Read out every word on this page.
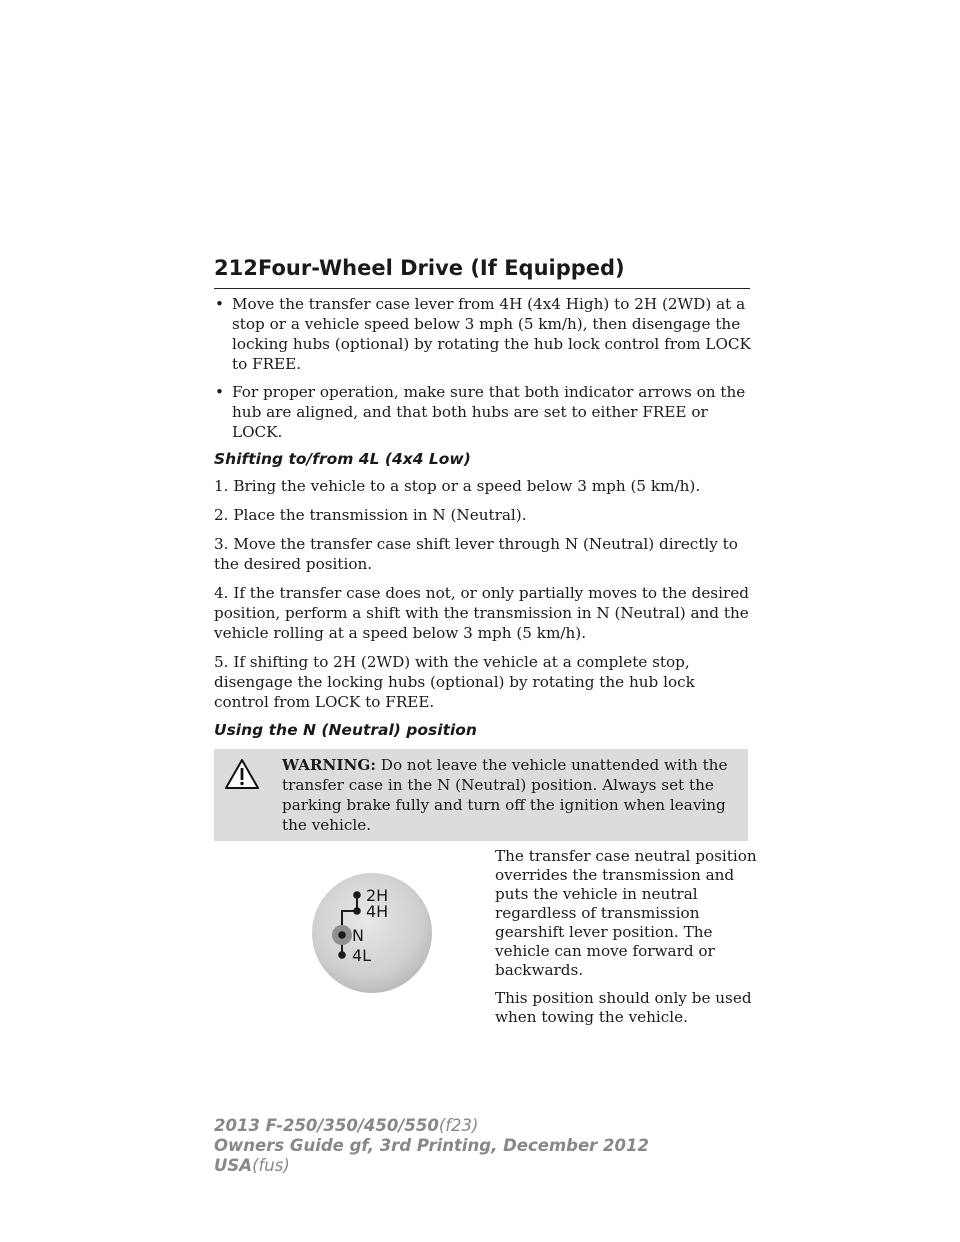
212 Four-Wheel Drive (If Equipped)
• Move the transfer case lever from 4H (4x4 High) to 2H (2WD) at a stop or a vehicle speed below 3 mph (5 km/h), then disengage the locking hubs (optional) by rotating the hub lock control from LOCK to FREE.
• For proper operation, make sure that both indicator arrows on the hub are aligned, and that both hubs are set to either FREE or LOCK.
Shifting to/from 4L (4x4 Low)

1. Bring the vehicle to a stop or a speed below 3 mph (5 km/h).

2. Place the transmission in N (Neutral).

3. Move the transfer case shift lever through N (Neutral) directly to the desired position.

4. If the transfer case does not, or only partially moves to the desired position, perform a shift with the transmission in N (Neutral) and the vehicle rolling at a speed below 3 mph (5 km/h).

5. If shifting to 2H (2WD) with the vehicle at a complete stop, disengage the locking hubs (optional) by rotating the hub lock control from LOCK to FREE.

Using the N (Neutral) position
WARNING: Do not leave the vehicle unattended with the
transfer case in the N (Neutral) position. Always set the parking brake fully and turn off the ignition when leaving the vehicle.
2H
4H
N
4L

The transfer case neutral position overrides the transmission and puts the vehicle in neutral regardless of transmission gearshift lever position. The vehicle can move forward or backwards.

This position should only be used when towing the vehicle.

2013 F-250/350/450/550(f23)
Owners Guide gf, 3rd Printing, December 2012
USA(fus)
